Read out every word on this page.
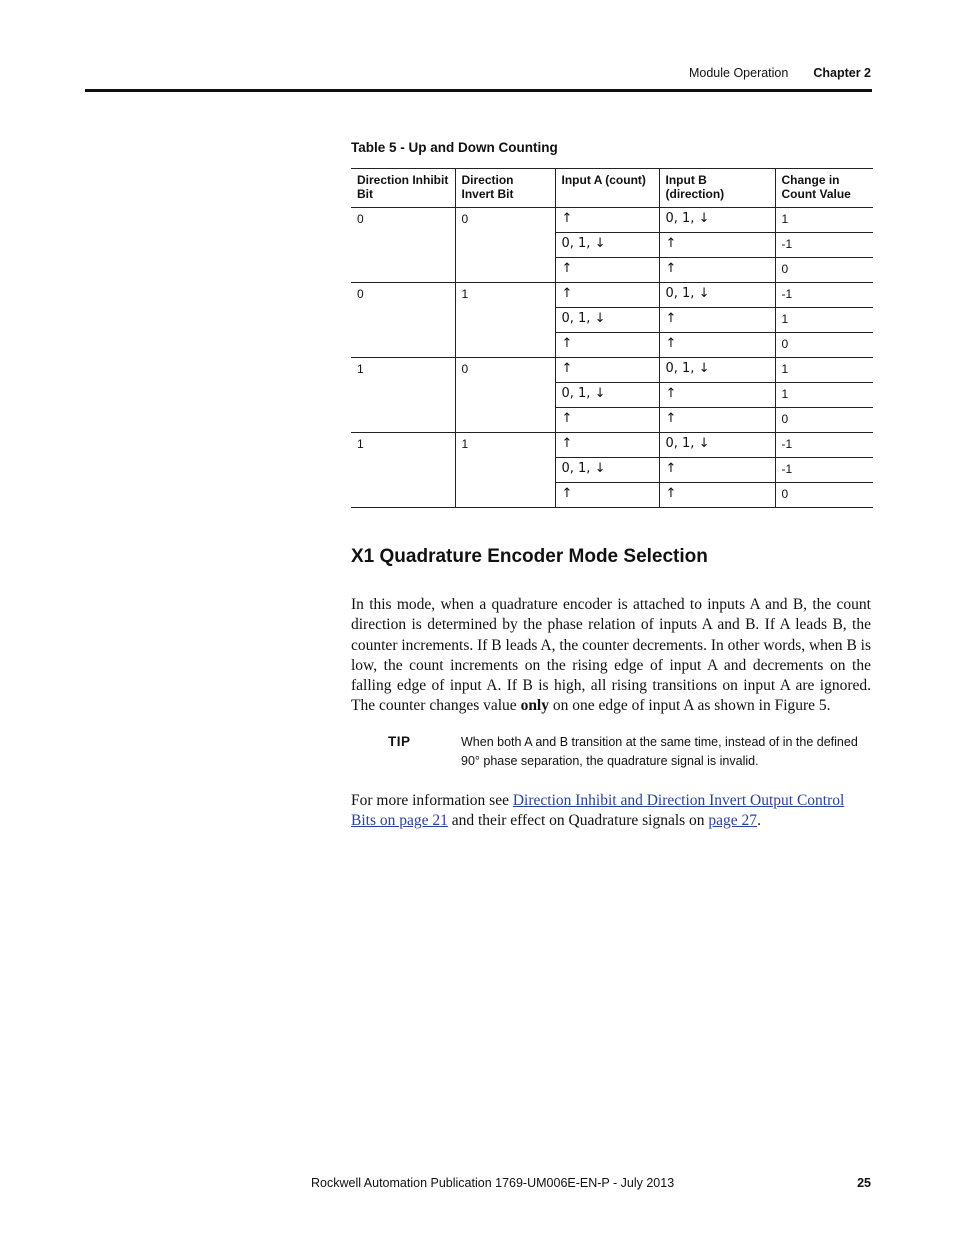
Module Operation Chapter 2
Table 5 - Up and Down Counting
Direction Inhibit Bit	Direction Invert Bit	Input A (count)	Input B (direction)	Change in Count Value
0	0	↑	0, 1, ↓	1
		0, 1, ↓	↑	-1
		↑	↑	0
0	1	↑	0, 1, ↓	-1
		0, 1, ↓	↑	1
		↑	↑	0
1	0	↑	0, 1, ↓	1
		0, 1, ↓	↑	1
		↑	↑	0
1	1	↑	0, 1, ↓	-1
		0, 1, ↓	↑	-1
		↑	↑	0
X1 Quadrature Encoder Mode Selection

In this mode, when a quadrature encoder is attached to inputs A and B, the count direction is determined by the phase relation of inputs A and B. If A leads B, the counter increments. If B leads A, the counter decrements. In other words, when B is low, the count increments on the rising edge of input A and decrements on the falling edge of input A. If B is high, all rising transitions on input A are ignored. The counter changes value only on one edge of input A as shown in Figure 5.

TIP	When both A and B transition at the same time, instead of in the defined 90° phase separation, the quadrature signal is invalid.

For more information see Direction Inhibit and Direction Invert Output Control Bits on page 21 and their effect on Quadrature signals on page 27.

Rockwell Automation Publication 1769-UM006E-EN-P - July 2013	25
